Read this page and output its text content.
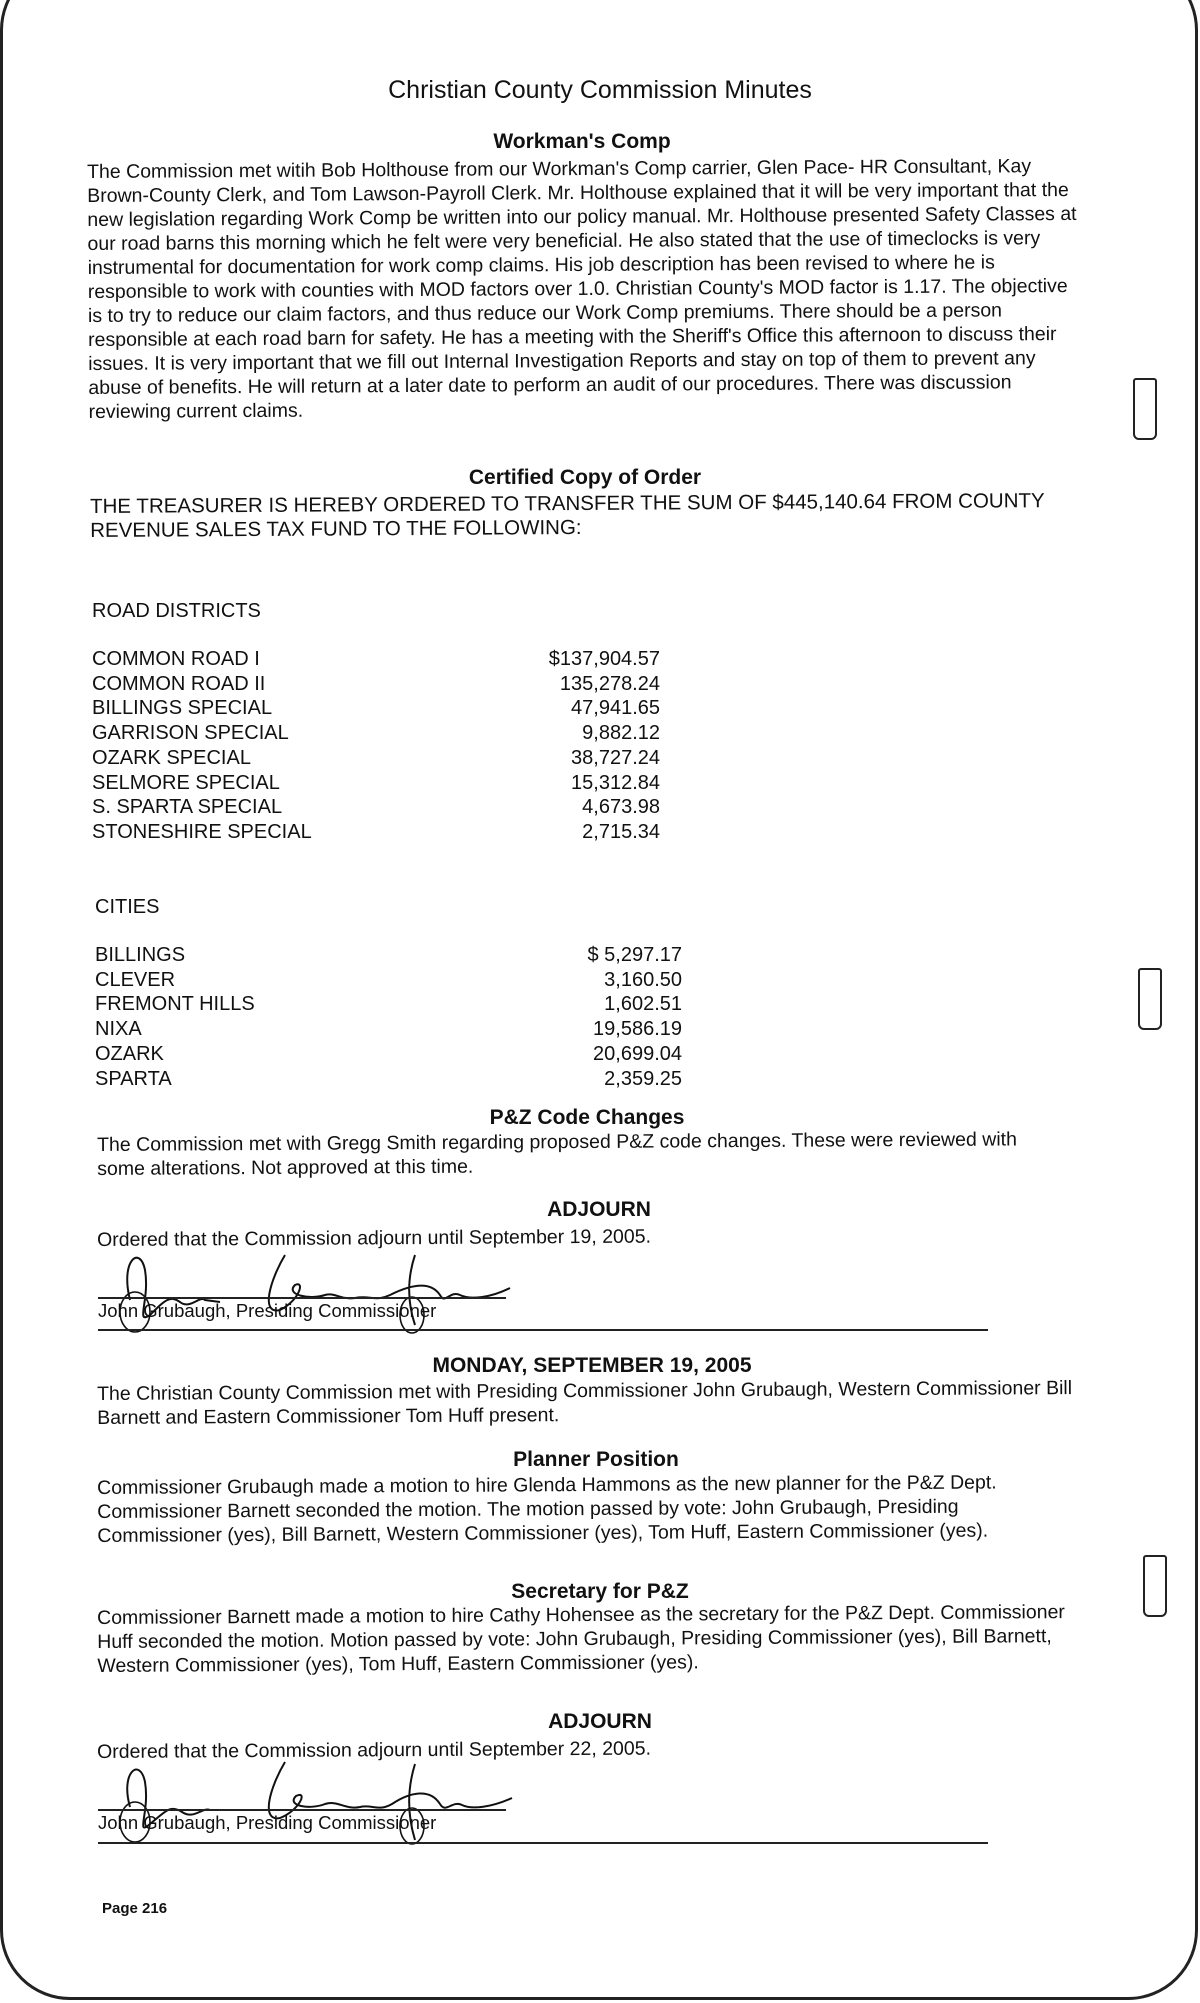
Christian County Commission Minutes
Workman's Comp

The Commission met witih Bob Holthouse from our Workman's Comp carrier, Glen Pace- HR Consultant, Kay Brown-County Clerk, and Tom Lawson-Payroll Clerk. Mr. Holthouse explained that it will be very important that the new legislation regarding Work Comp be written into our policy manual. Mr. Holthouse presented Safety Classes at our road barns this morning which he felt were very beneficial. He also stated that the use of timeclocks is very instrumental for documentation for work comp claims. His job description has been revised to where he is responsible to work with counties with MOD factors over 1.0. Christian County's MOD factor is 1.17. The objective is to try to reduce our claim factors, and thus reduce our Work Comp premiums. There should be a person responsible at each road barn for safety. He has a meeting with the Sheriff's Office this afternoon to discuss their issues. It is very important that we fill out Internal Investigation Reports and stay on top of them to prevent any abuse of benefits. He will return at a later date to perform an audit of our procedures. There was discussion reviewing current claims.

Certified Copy of Order

THE TREASURER IS HEREBY ORDERED TO TRANSFER THE SUM OF $445,140.64 FROM COUNTY REVENUE SALES TAX FUND TO THE FOLLOWING:

ROAD DISTRICTS
COMMON ROAD I	$137,904.57
COMMON ROAD II	135,278.24
BILLINGS SPECIAL	47,941.65
GARRISON SPECIAL	9,882.12
OZARK SPECIAL	38,727.24
SELMORE SPECIAL	15,312.84
S. SPARTA SPECIAL	4,673.98
STONESHIRE SPECIAL	2,715.34
CITIES
BILLINGS	$ 5,297.17
CLEVER	3,160.50
FREMONT HILLS	1,602.51
NIXA	19,586.19
OZARK	20,699.04
SPARTA	2,359.25
P&Z Code Changes

The Commission met with Gregg Smith regarding proposed P&Z code changes. These were reviewed with some alterations. Not approved at this time.

ADJOURN

Ordered that the Commission adjourn until September 19, 2005.

John Grubaugh, Presiding Commissioner
MONDAY, SEPTEMBER 19, 2005

The Christian County Commission met with Presiding Commissioner John Grubaugh, Western Commissioner Bill Barnett and Eastern Commissioner Tom Huff present.

Planner Position

Commissioner Grubaugh made a motion to hire Glenda Hammons as the new planner for the P&Z Dept. Commissioner Barnett seconded the motion. The motion passed by vote: John Grubaugh, Presiding Commissioner (yes), Bill Barnett, Western Commissioner (yes), Tom Huff, Eastern Commissioner (yes).

Secretary for P&Z

Commissioner Barnett made a motion to hire Cathy Hohensee as the secretary for the P&Z Dept. Commissioner Huff seconded the motion. Motion passed by vote: John Grubaugh, Presiding Commissioner (yes), Bill Barnett, Western Commissioner (yes), Tom Huff, Eastern Commissioner (yes).

ADJOURN

Ordered that the Commission adjourn until September 22, 2005.

John Grubaugh, Presiding Commissioner
Page 216
